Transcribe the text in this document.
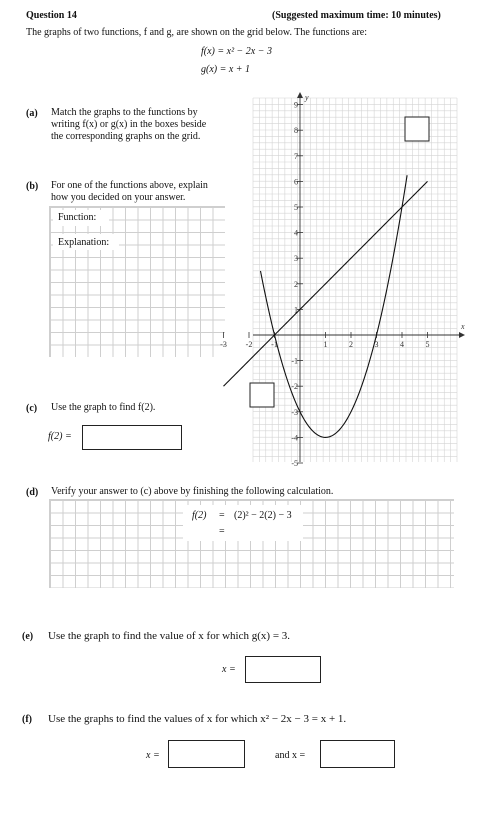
Question 14	(Suggested maximum time: 10 minutes)
The graphs of two functions, f and g, are shown on the grid below. The functions are:
f(x) = x² − 2x − 3
g(x) = x + 1
(a) Match the graphs to the functions by
writing f(x) or g(x) in the boxes beside
the corresponding graphs on the grid.
(b) For one of the functions above, explain
how you decided on your answer.
Function:
Explanation:
(c) Use the graph to find f(2).
f(2) =
x
y
-3 -2 -1	1	2	3	4	5
-5
-4
-3
-2
-1
1
2
3
4
5
6
7
8
9
(d) Verify your answer to (c) above by finishing the following calculation.
f(2) = (2)² − 2(2) − 3
=
(e) Use the graph to find the value of x for which g(x) = 3.
x =
(f) Use the graphs to find the values of x for which x² − 2x − 3 = x + 1.
x =	and x =
